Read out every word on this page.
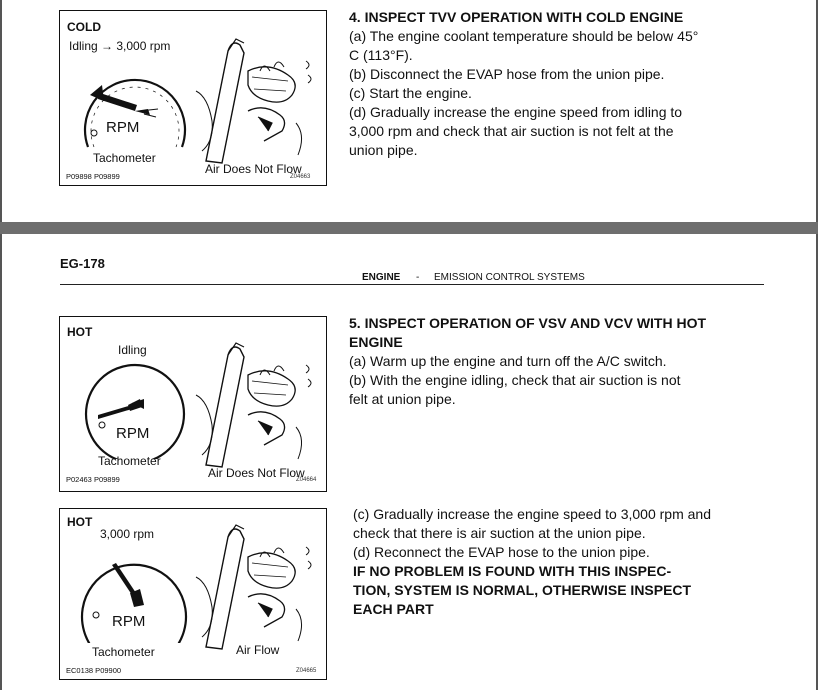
COLD
Idling → 3,000 rpm
RPM
Tachometer
Air Does Not Flow
P09898 P09899	Z04663
4. INSPECT TVV OPERATION WITH COLD ENGINE
(a) The engine coolant temperature should be below 45°
C (113°F).
(b) Disconnect the EVAP hose from the union pipe.
(c) Start the engine.
(d) Gradually increase the engine speed from idling to
3,000 rpm and check that air suction is not felt at the
union pipe.
EG-178
ENGINE - EMISSION CONTROL SYSTEMS
HOT
Idling
RPM
Tachometer
Air Does Not Flow
P02463 P09899	Z04664
5. INSPECT OPERATION OF VSV AND VCV WITH HOT
ENGINE
(a) Warm up the engine and turn off the A/C switch.
(b) With the engine idling, check that air suction is not
felt at union pipe.
HOT
3,000 rpm
RPM
Tachometer	Air Flow
EC0138 P09900	Z04665
(c) Gradually increase the engine speed to 3,000 rpm and
check that there is air suction at the union pipe.
(d) Reconnect the EVAP hose to the union pipe.
IF NO PROBLEM IS FOUND WITH THIS INSPEC-
TION, SYSTEM IS NORMAL, OTHERWISE INSPECT
EACH PART
